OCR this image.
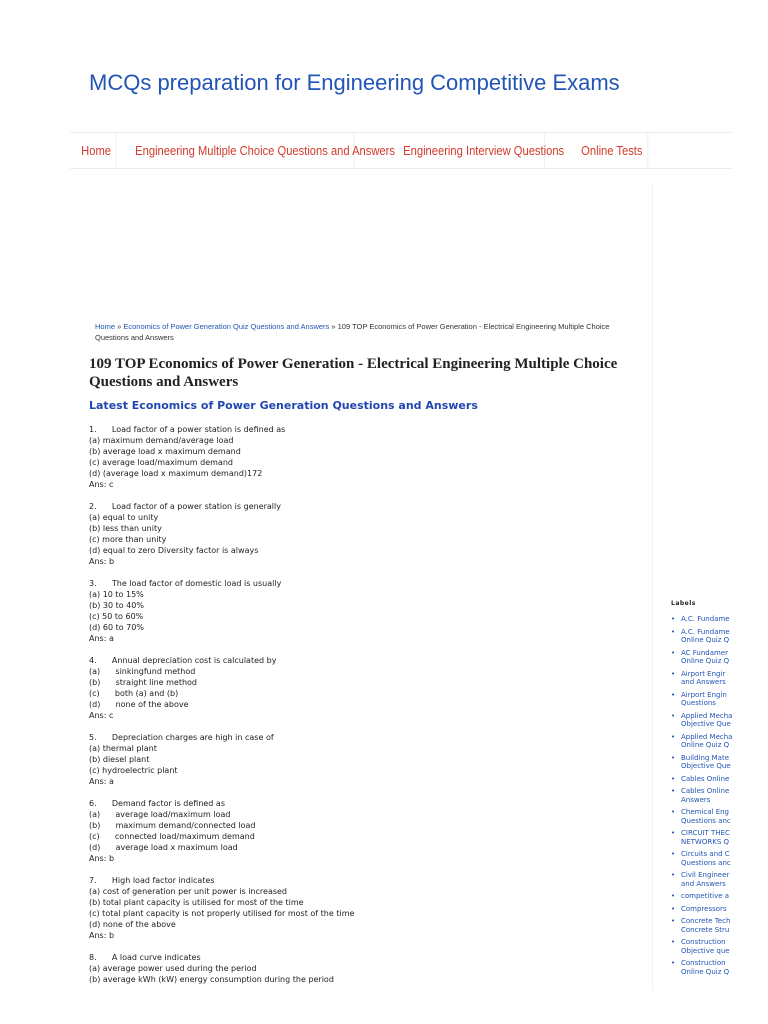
MCQs preparation for Engineering Competitive Exams
Home	Engineering Multiple Choice Questions and Answers Engineering Interview Questions	Online Tests
Home » Economics of Power Generation Quiz Questions and Answers » 109 TOP Economics of Power Generation - Electrical Engineering Multiple Choice Questions and Answers
109 TOP Economics of Power Generation - Electrical Engineering Multiple Choice Questions and Answers
Latest Economics of Power Generation Questions and Answers
1.      Load factor of a power station is defined as
(a) maximum demand/average load
(b) average load x maximum demand
(c) average load/maximum demand
(d) (average load x maximum demand)172
Ans: c
2.      Load factor of a power station is generally
(a) equal to unity
(b) less than unity
(c) more than unity
(d) equal to zero Diversity factor is always
Ans: b
3.      The load factor of domestic load is usually
(a) 10 to 15%
(b) 30 to 40%
(c) 50 to 60%
(d) 60 to 70%
Ans: a
4.      Annual depreciation cost is calculated by
(a)      sinkingfund method
(b)      straight line method
(c)      both (a) and (b)
(d)      none of the above
Ans: c
5.      Depreciation charges are high in case of
(a) thermal plant
(b) diesel plant
(c) hydroelectric plant
Ans: a
6.      Demand factor is defined as
(a)      average load/maximum load
(b)      maximum demand/connected load
(c)      connected load/maximum demand
(d)      average load x maximum load
Ans: b
7.      High load factor indicates
(a) cost of generation per unit power is increased
(b) total plant capacity is utilised for most of the time
(c) total plant capacity is not properly utilised for most of the time
(d) none of the above
Ans: b
8.      A load curve indicates
(a) average power used during the period
(b) average kWh (kW) energy consumption during the period
Labels
• A.C. Fundame
• A.C. Fundame
Online Quiz Q
• AC Fundamer
Online Quiz Q
• Airport Engir
and Answers
• Airport Engin
Questions
• Applied Mecha
Objective Que
• Applied Mecha
Online Quiz Q
• Building Mate
Objective Que
• Cables Online
• Cables Online
Answers
• Chemical Eng
Questions anc
• CIRCUIT THEC
NETWORKS Q
• Circuits and C
Questions anc
• Civil Engineer
and Answers
• competitive a
• Compressors
• Concrete Tech
Concrete Stru
• Construction
Objective que
• Construction
Online Quiz Q
